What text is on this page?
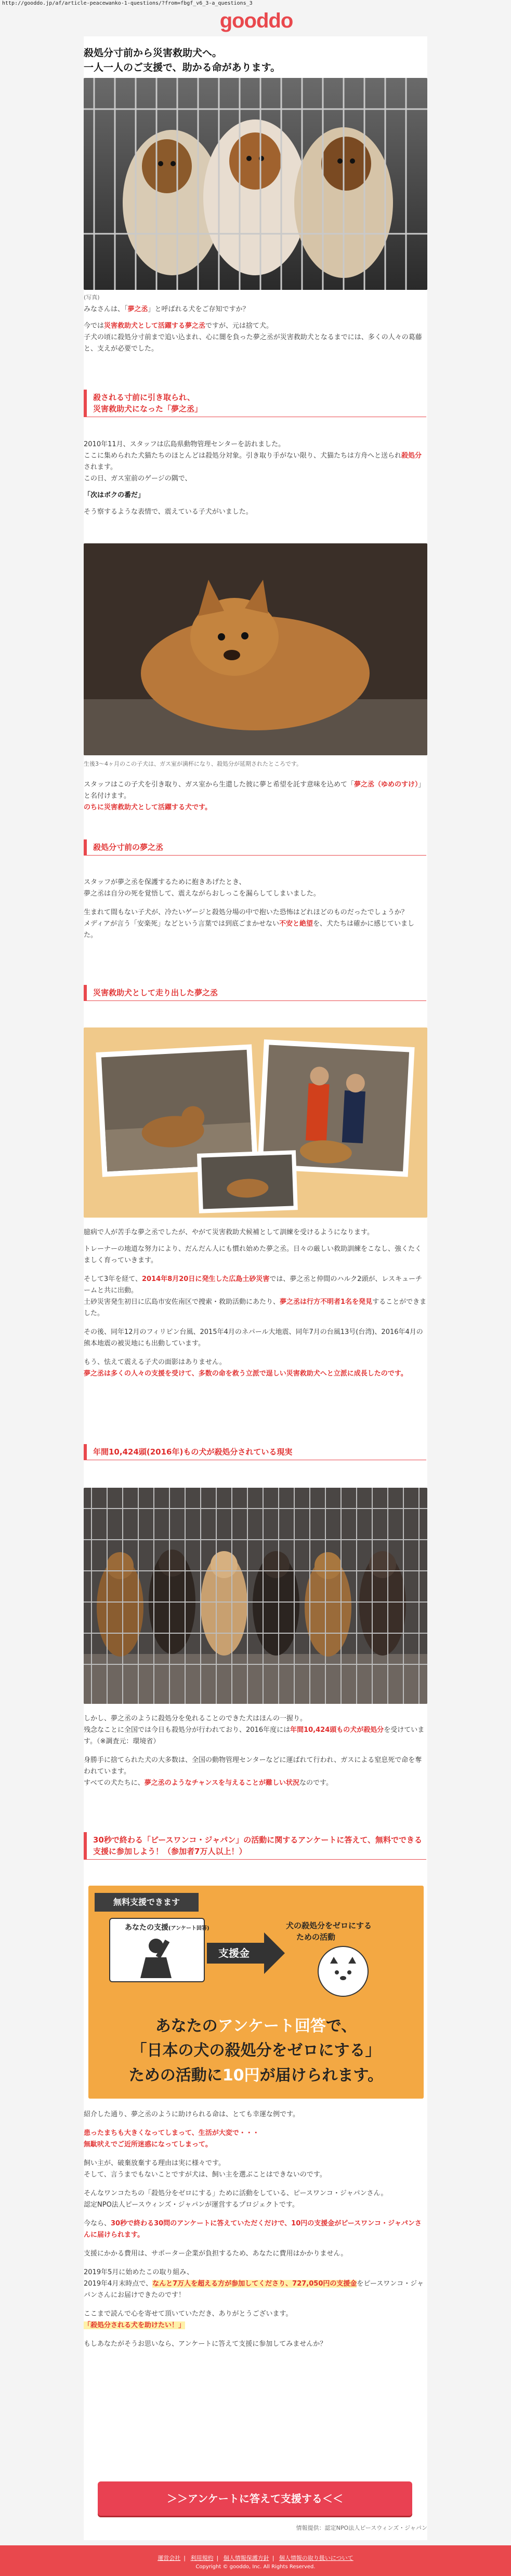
http://gooddo.jp/af/article-peacewanko-1-questions/?from=fbgf_v6_3-a_questions_3
gooddo
殺処分寸前から災害救助犬へ。
一人一人のご支援で、助かる命があります。
(写真)

みなさんは、「夢之丞」と呼ばれる犬をご存知ですか？

今では災害救助犬として活躍する夢之丞ですが、元は捨て犬。

子犬の頃に殺処分寸前まで追い込まれ、心に闇を負った夢之丞が災害救助犬となるまでには、多くの人々の葛藤と、支えが必要でした。

殺される寸前に引き取られ、
災害救助犬になった「夢之丞」

2010年11月、スタッフは広島県動物管理センターを訪れました。

ここに集められた犬猫たちのほとんどは殺処分対象。引き取り手がない限り、犬猫たちは方舟へと送られ殺処分されます。

この日、ガス室前のゲージの隅で、

「次はボクの番だ」

そう察するような表情で、震えている子犬がいました。

生後3～4ヶ月のこの子犬は、ガス室が満杯になり、殺処分が延期されたところです。

スタッフはこの子犬を引き取り、ガス室から生還した彼に夢と希望を託す意味を込めて「夢之丞（ゆめのすけ）」と名付けます。

のちに災害救助犬として活躍する犬です。

殺処分寸前の夢之丞

スタッフが夢之丞を保護するために抱きあげたとき、

夢之丞は自分の死を覚悟して、震えながらおしっこを漏らしてしまいました。

生まれて間もない子犬が、冷たいゲージと殺処分場の中で抱いた恐怖はどれほどのものだったでしょうか？

メディアが言う「安楽死」などという言葉では到底ごまかせない不安と絶望を、犬たちは確かに感じていました。

災害救助犬として走り出した夢之丞

臆病で人が苦手な夢之丞でしたが、やがて災害救助犬候補として訓練を受けるようになります。

トレーナーの地道な努力により、だんだん人にも慣れ始めた夢之丞。日々の厳しい救助訓練をこなし、強くたくましく育っていきます。

そして3年を経て、2014年8月20日に発生した広島土砂災害では、夢之丞と仲間のハルク2頭が、レスキューチームと共に出動。

土砂災害発生初日に広島市安佐南区で捜索・救助活動にあたり、夢之丞は行方不明者1名を発見することができました。

その後、同年12月のフィリピン台風、2015年4月のネパール大地震、同年7月の台風13号(台湾)、2016年4月の熊本地震の被災地にも出動しています。

もう、怯えて震える子犬の面影はありません。

夢之丞は多くの人々の支援を受けて、多数の命を救う立派で逞しい災害救助犬へと立派に成長したのです。

年間10,424頭(2016年)もの犬が殺処分されている現実

しかし、夢之丞のように殺処分を免れることのできた犬はほんの一握り。

残念なことに全国では今日も殺処分が行われており、2016年度には年間10,424頭もの犬が殺処分を受けています。（※調査元：環境省）

身勝手に捨てられた犬の大多数は、全国の動物管理センターなどに運ばれて行われ、ガスによる窒息死で命を奪われています。

すべての犬たちに、夢之丞のようなチャンスを与えることが難しい状況なのです。

30秒で終わる「ピースワンコ・ジャパン」の活動に関するアンケートに答えて、無料でできる支援に参加しよう！（参加者7万人以上！）
無料支援できます
あなたの支援(アンケート回答)
支援金
犬の殺処分をゼロにする
ための活動
あなたのアンケート回答で、
「日本の犬の殺処分をゼロにする」
ための活動に10円が届けられます。

紹介した通り、夢之丞のように助けられる命は、とても幸運な例です。

患ったまちも大きくなってしまって、生活が大変で・・・

無駄吠えでご近所迷惑になってしまって。

飼い主が、破棄放棄する理由は実に様々です。

そして、言うまでもないことですが犬は、飼い主を選ぶことはできないのです。

そんなワンコたちの「殺処分をゼロにする」ために活動をしている、ピースワンコ・ジャパンさん。

認定NPO法人ピースウィンズ・ジャパンが運営するプロジェクトです。

今なら、30秒で終わる30問のアンケートに答えていただくだけで、10円の支援金がピースワンコ・ジャパンさんに届けられます。

支援にかかる費用は、サポーター企業が負担するため、あなたに費用はかかりません。

2019年5月に始めたこの取り組み、

2019年4月末時点で、なんと7万人を超える方が参加してくださり、727,050円の支援金をピースワンコ・ジャパンさんにお届けできたのです！

ここまで読んで心を寄せて頂いていただき、ありがとうございます。

「殺処分される犬を助けたい！」

もしあなたがそうお思いなら、アンケートに答えて支援に参加してみませんか？

＞＞アンケートに答えて支援する＜＜
情報提供：認定NPO法人ピースウィンズ・ジャパン
運営会社 | 利用規約 | 個人情報保護方針 | 個人情報の取り扱いについて
Copyright © gooddo, Inc. All Rights Reserved.
